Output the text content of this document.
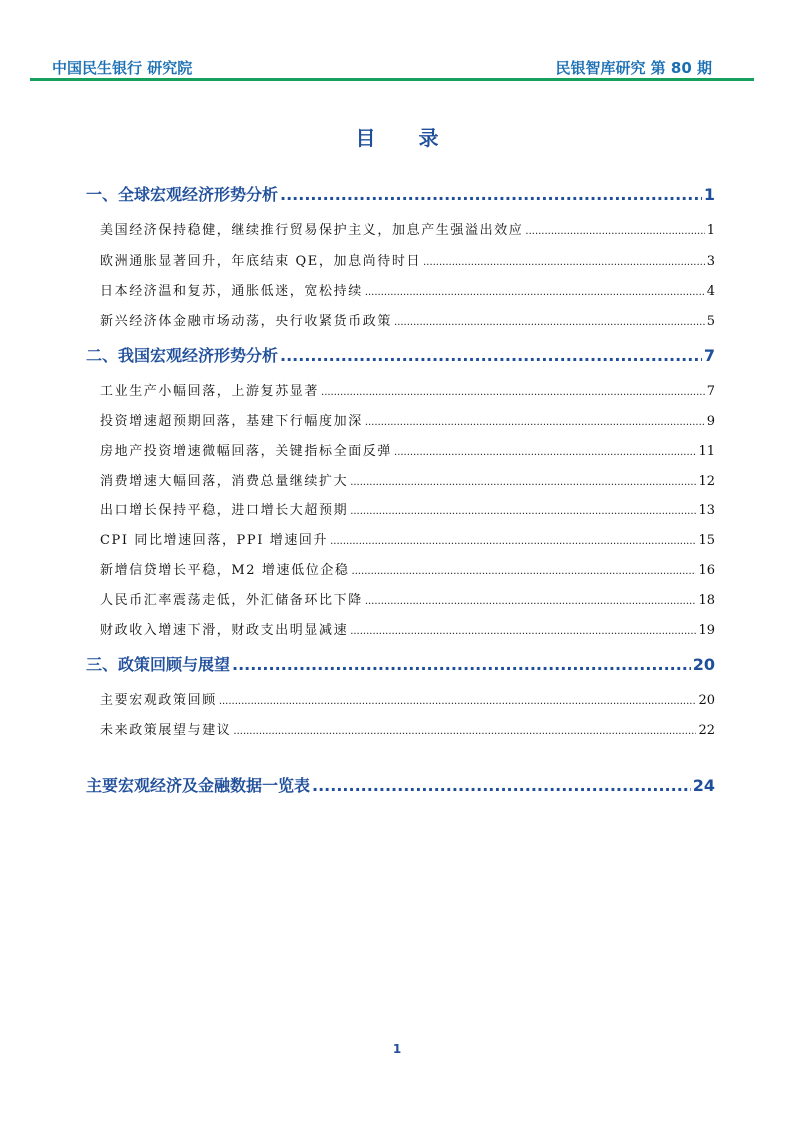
中国民生银行 研究院	民银智库研究 第 80 期
目 录
一、全球宏观经济形势分析 .....	1
美国经济保持稳健，继续推行贸易保护主义，加息产生强溢出效应 .....	1
欧洲通胀显著回升，年底结束 QE，加息尚待时日 .....	3
日本经济温和复苏，通胀低迷，宽松持续 .....	4
新兴经济体金融市场动荡，央行收紧货币政策 .....	5
二、我国宏观经济形势分析 .....	7
工业生产小幅回落，上游复苏显著 .....	7
投资增速超预期回落，基建下行幅度加深 .....	9
房地产投资增速微幅回落，关键指标全面反弹 .....	11
消费增速大幅回落，消费总量继续扩大 .....	12
出口增长保持平稳，进口增长大超预期 .....	13
CPI 同比增速回落，PPI 增速回升 .....	15
新增信贷增长平稳，M2 增速低位企稳 .....	16
人民币汇率震荡走低，外汇储备环比下降 .....	18
财政收入增速下滑，财政支出明显减速 .....	19
三、政策回顾与展望 .....	20
主要宏观政策回顾 .....	20
未来政策展望与建议 .....	22
主要宏观经济及金融数据一览表 .....	24
1
